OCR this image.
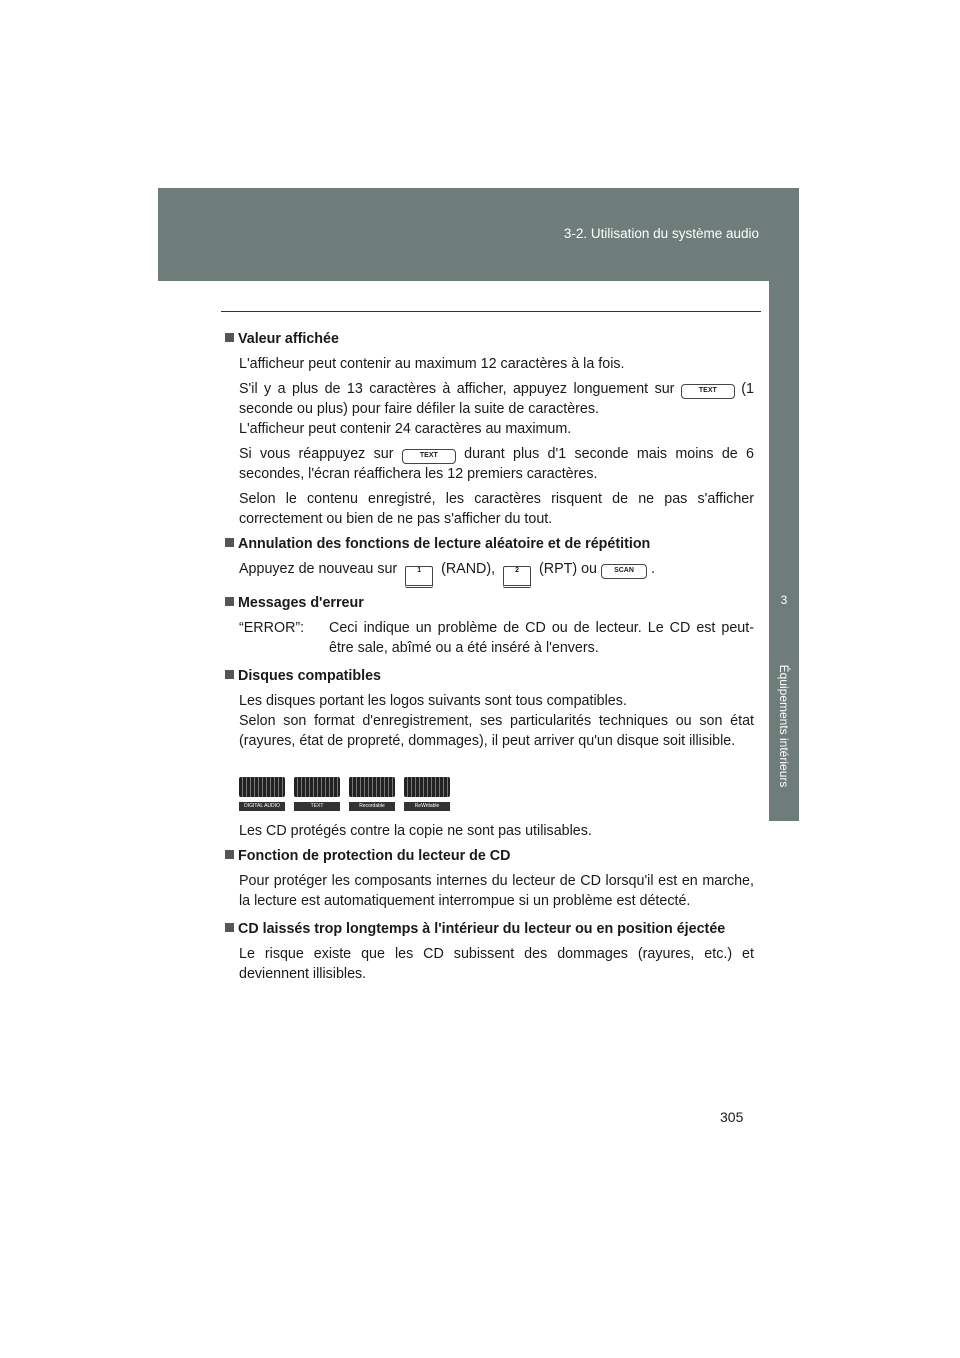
3-2. Utilisation du système audio
3
Équipements intérieurs

Valeur affichée

L'afficheur peut contenir au maximum 12 caractères à la fois.

S'il y a plus de 13 caractères à afficher, appuyez longuement sur	TEXT (1 seconde ou plus) pour faire défiler la suite de caractères.

L'afficheur peut contenir 24 caractères au maximum.

Si vous réappuyez sur	TEXT durant plus d'1 seconde mais moins de 6 secondes, l'écran réaffichera les 12 premiers caractères.

Selon le contenu enregistré, les caractères risquent de ne pas s'afficher correctement ou bien de ne pas s'afficher du tout.

Annulation des fonctions de lecture aléatoire et de répétition

Appuyez de nouveau sur	1 (RAND),	2 (RPT) ou SCAN .

Messages d'erreur

“ERROR”:	Ceci indique un problème de CD ou de lecteur. Le CD est peut-être sale, abîmé ou a été inséré à l'envers.

Disques compatibles

Les disques portant les logos suivants sont tous compatibles.

Selon son format d'enregistrement, ses particularités techniques ou son état (rayures, état de propreté, dommages), il peut arriver qu'un disque soit illisible.

DIGITAL AUDIO	TEXT	Recordable	ReWritable

Les CD protégés contre la copie ne sont pas utilisables.

Fonction de protection du lecteur de CD

Pour protéger les composants internes du lecteur de CD lorsqu'il est en marche, la lecture est automatiquement interrompue si un problème est détecté.

CD laissés trop longtemps à l'intérieur du lecteur ou en position éjectée

Le risque existe que les CD subissent des dommages (rayures, etc.) et deviennent illisibles.

305
